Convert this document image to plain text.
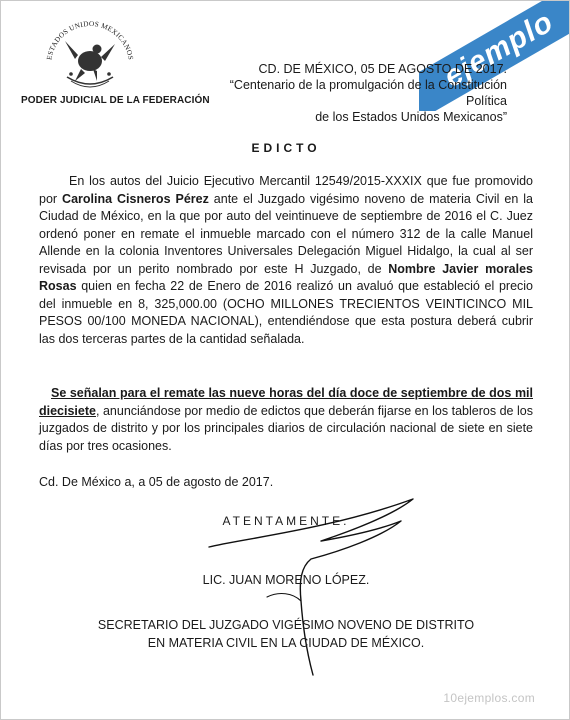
ejemplo
ESTADOS UNIDOS MEXICANOS
PODER JUDICIAL DE LA FEDERACIÓN
CD. DE MÉXICO, 05 DE AGOSTO DE 2017.
“Centenario de la promulgación de la Constitución Política
de los Estados Unidos Mexicanos”
EDICTO
En los autos del Juicio Ejecutivo Mercantil 12549/2015-XXXIX que fue promovido por Carolina Cisneros Pérez ante el Juzgado vigésimo noveno de materia Civil en la Ciudad de México, en la que por auto del veintinueve de septiembre de 2016 el C. Juez ordenó poner en remate el inmueble marcado con el número 312 de la calle Manuel Allende en la colonia Inventores Universales Delegación Miguel Hidalgo, la cual al ser revisada por un perito nombrado por este H Juzgado, de Nombre Javier morales Rosas quien en fecha 22 de Enero de 2016 realizó un avaluó que estableció el precio del inmueble en 8, 325,000.00 (OCHO MILLONES TRECIENTOS VEINTICINCO MIL PESOS 00/100 MONEDA NACIONAL), entendiéndose que esta postura deberá cubrir las dos terceras partes de la cantidad señalada.
Se señalan para el remate las nueve horas del día doce de septiembre de dos mil diecisiete, anunciándose por medio de edictos que deberán fijarse en los tableros de los juzgados de distrito y por los principales diarios de circulación nacional de siete en siete días por tres ocasiones.
Cd. De México a, a 05 de agosto de 2017.
ATENTAMENTE.
LIC. JUAN MORENO LÓPEZ.
SECRETARIO DEL JUZGADO VIGÉSIMO NOVENO DE DISTRITO
EN MATERIA CIVIL EN LA CIUDAD DE MÉXICO.
10ejemplos.com
